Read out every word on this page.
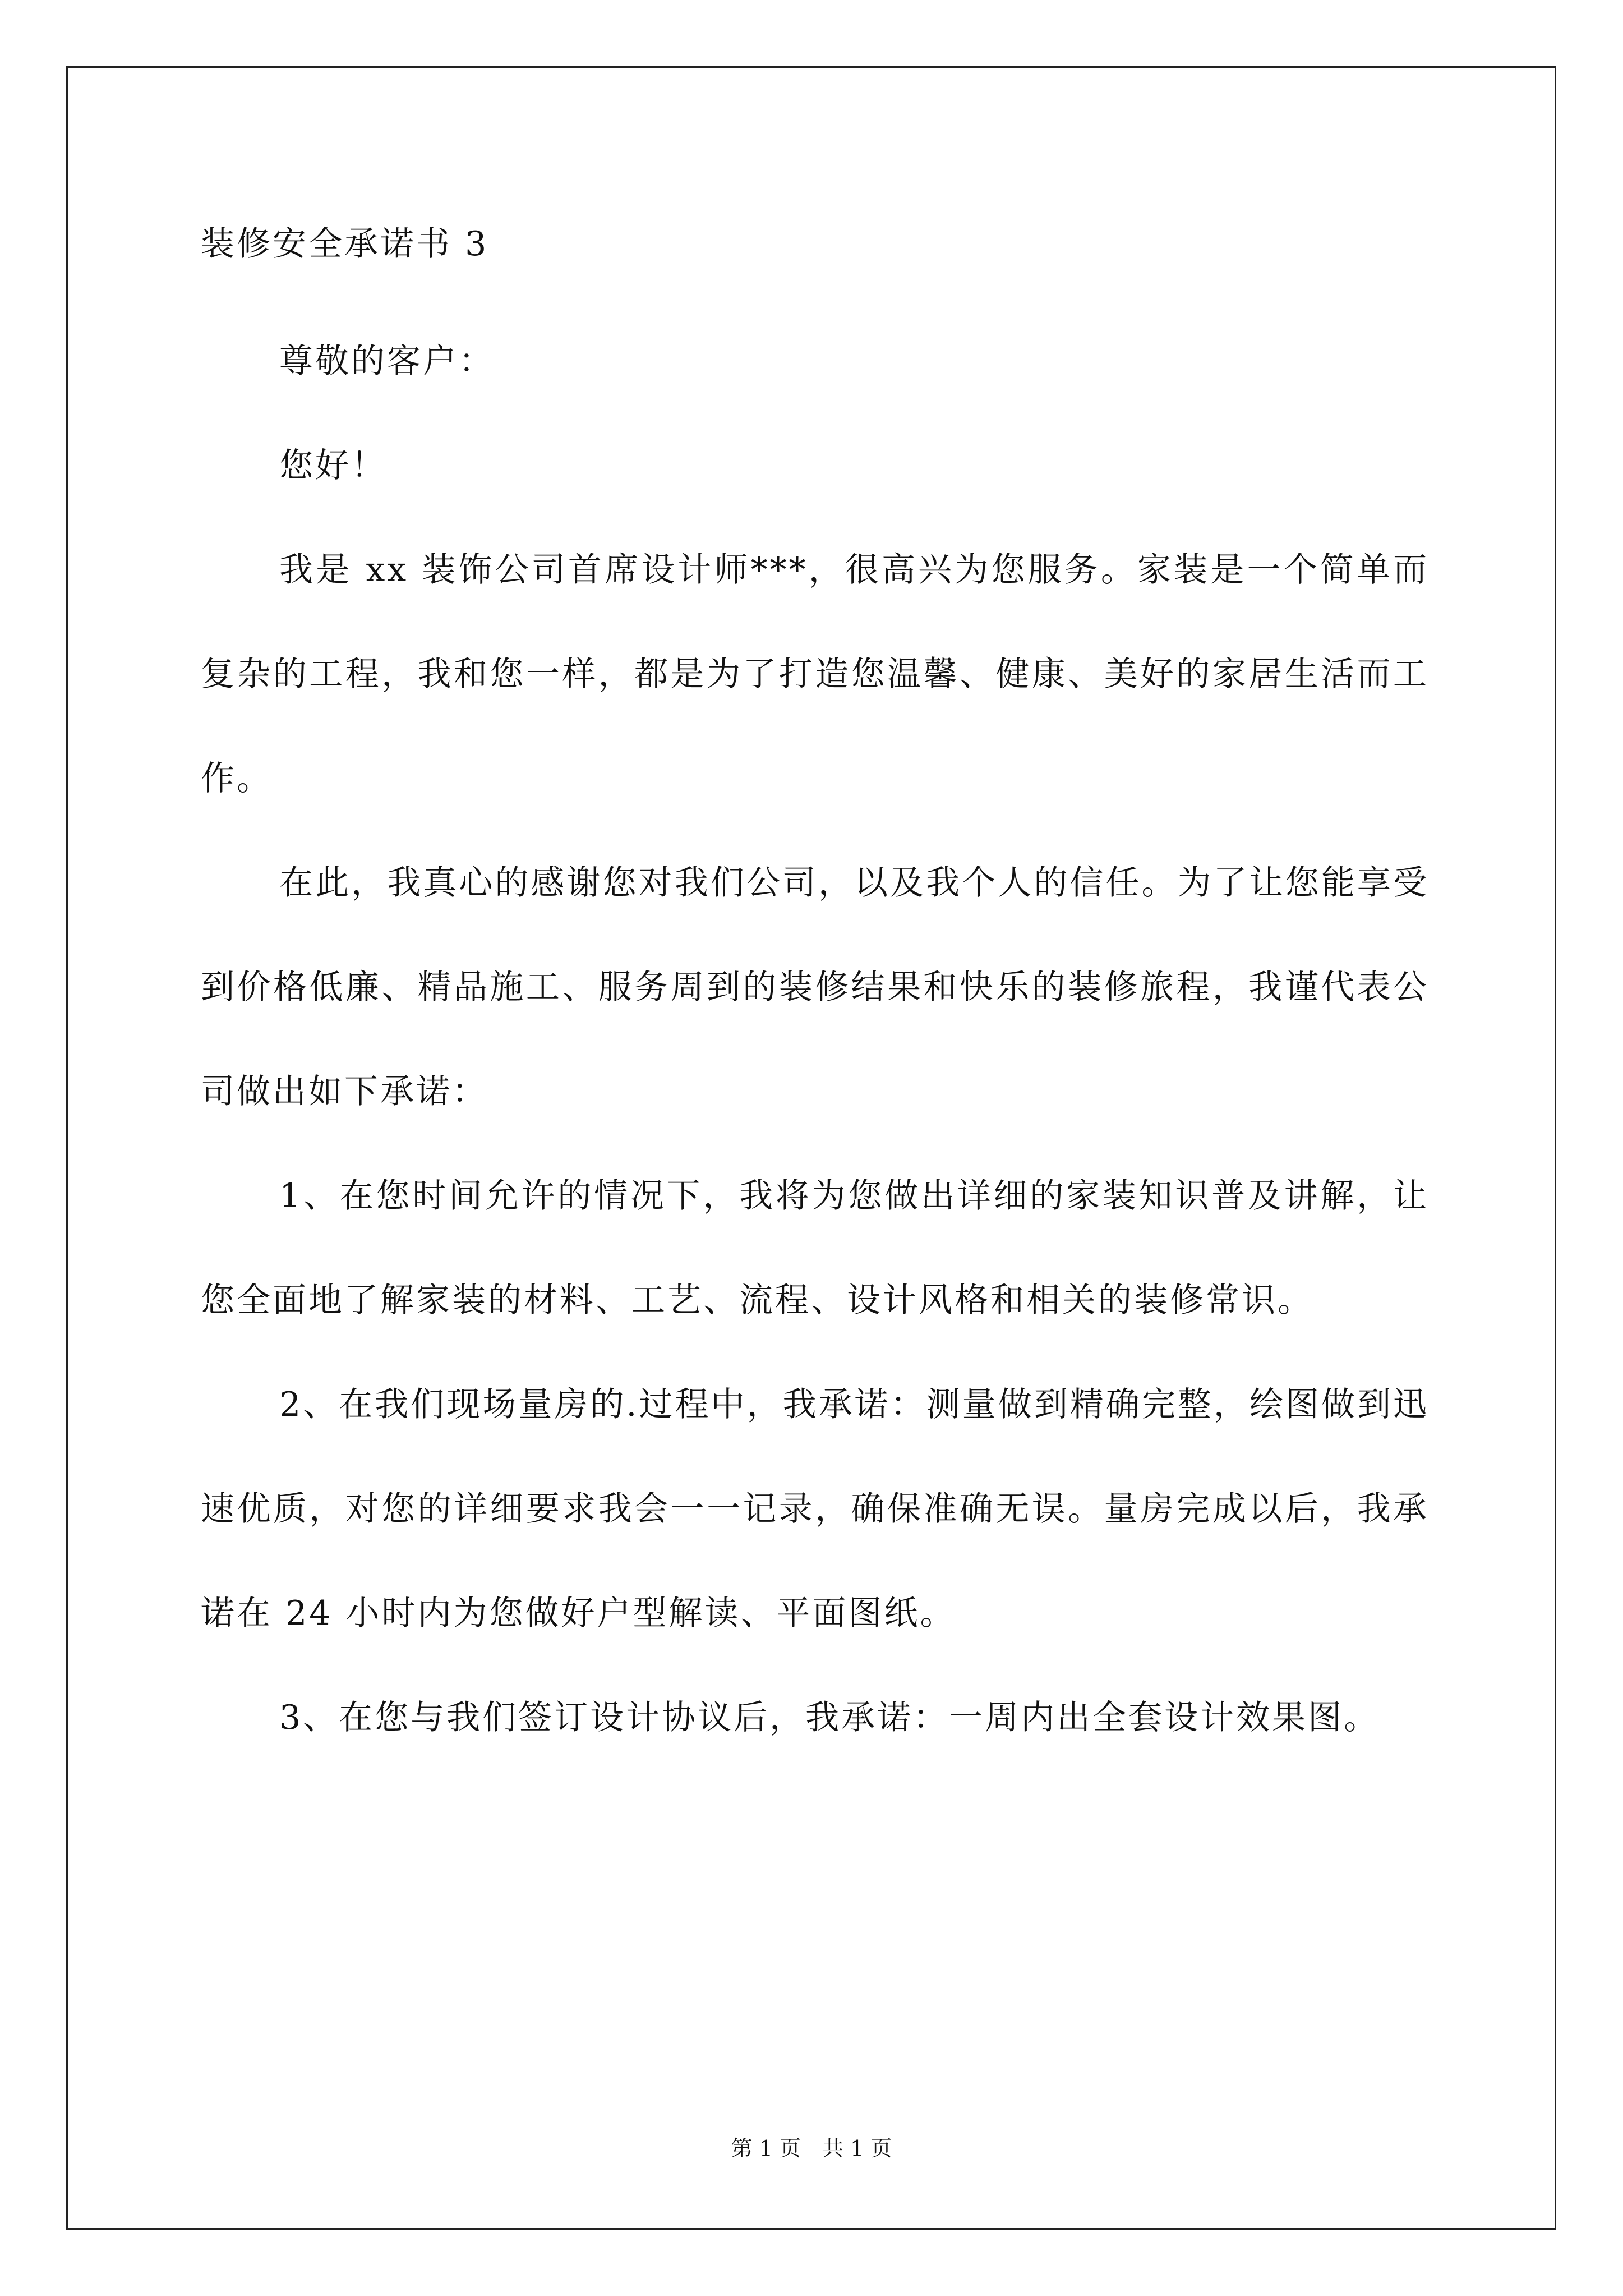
装修安全承诺书 3

尊敬的客户：

您好！

我是 xx 装饰公司首席设计师***，很高兴为您服务。家装是一个简单而复杂的工程，我和您一样，都是为了打造您温馨、健康、美好的家居生活而工作。

在此，我真心的感谢您对我们公司，以及我个人的信任。为了让您能享受到价格低廉、精品施工、服务周到的装修结果和快乐的装修旅程，我谨代表公司做出如下承诺：

1、在您时间允许的情况下，我将为您做出详细的家装知识普及讲解，让您全面地了解家装的材料、工艺、流程、设计风格和相关的装修常识。

2、在我们现场量房的.过程中，我承诺：测量做到精确完整，绘图做到迅速优质，对您的详细要求我会一一记录，确保准确无误。量房完成以后，我承诺在 24 小时内为您做好户型解读、平面图纸。

3、在您与我们签订设计协议后，我承诺：一周内出全套设计效果图。

第 1 页　共 1 页
